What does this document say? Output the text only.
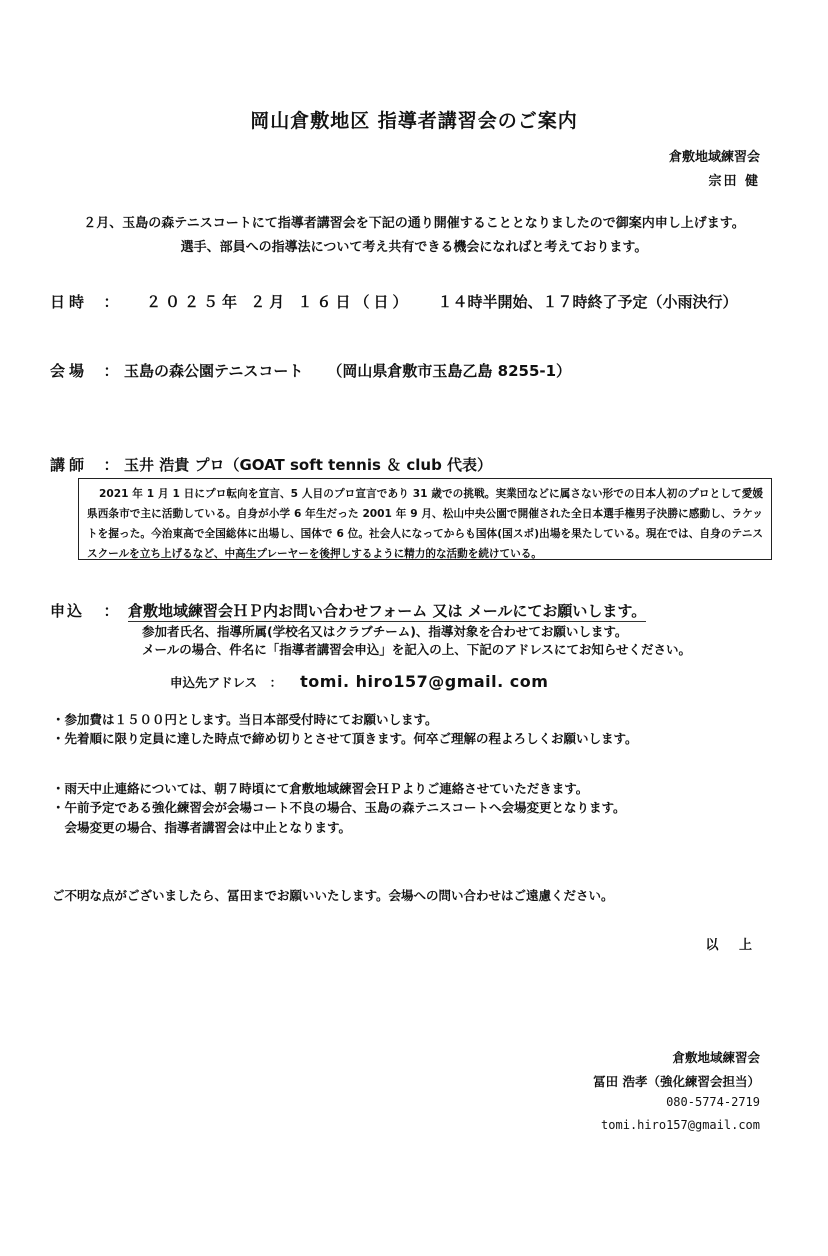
岡山倉敷地区 指導者講習会のご案内
倉敷地域練習会
宗田 健
２月、玉島の森テニスコートにて指導者講習会を下記の通り開催することとなりましたので御案内申し上げます。
選手、部員への指導法について考え共有できる機会になればと考えております。
日時 ： ２０２５年 ２月 １６日（日） １４時半開始、１７時終了予定（小雨決行）
会場 ： 玉島の森公園テニスコート （岡山県倉敷市玉島乙島 8255-1）
講師 ： 玉井 浩貴 プロ（GOAT soft tennis ＆ club 代表）
2021 年 1 月 1 日にプロ転向を宣言、5 人目のプロ宣言であり 31 歳での挑戦。実業団などに属さない形での日本人初のプロとして愛媛県西条市で主に活動している。自身が小学 6 年生だった 2001 年 9 月、松山中央公園で開催された全日本選手権男子決勝に感動し、ラケットを握った。今治東高で全国総体に出場し、国体で 6 位。社会人になってからも国体(国スポ)出場を果たしている。現在では、自身のテニススクールを立ち上げるなど、中高生プレーヤーを後押しするように精力的な活動を続けている。
申込 ： 倉敷地域練習会ＨＰ内お問い合わせフォーム 又は メールにてお願いします。
参加者氏名、指導所属(学校名又はクラブチーム)、指導対象を合わせてお願いします。
メールの場合、件名に「指導者講習会申込」を記入の上、下記のアドレスにてお知らせください。
申込先アドレス　： tomi. hiro157@gmail. com
・参加費は１５００円とします。当日本部受付時にてお願いします。
・先着順に限り定員に達した時点で締め切りとさせて頂きます。何卒ご理解の程よろしくお願いします。
・雨天中止連絡については、朝７時頃にて倉敷地域練習会ＨＰよりご連絡させていただきます。
・午前予定である強化練習会が会場コート不良の場合、玉島の森テニスコートへ会場変更となります。
　会場変更の場合、指導者講習会は中止となります。
ご不明な点がございましたら、冨田までお願いいたします。会場への問い合わせはご遠慮ください。
以 上
倉敷地域練習会
冨田 浩孝（強化練習会担当）
080-5774-2719
tomi.hiro157@gmail.com
